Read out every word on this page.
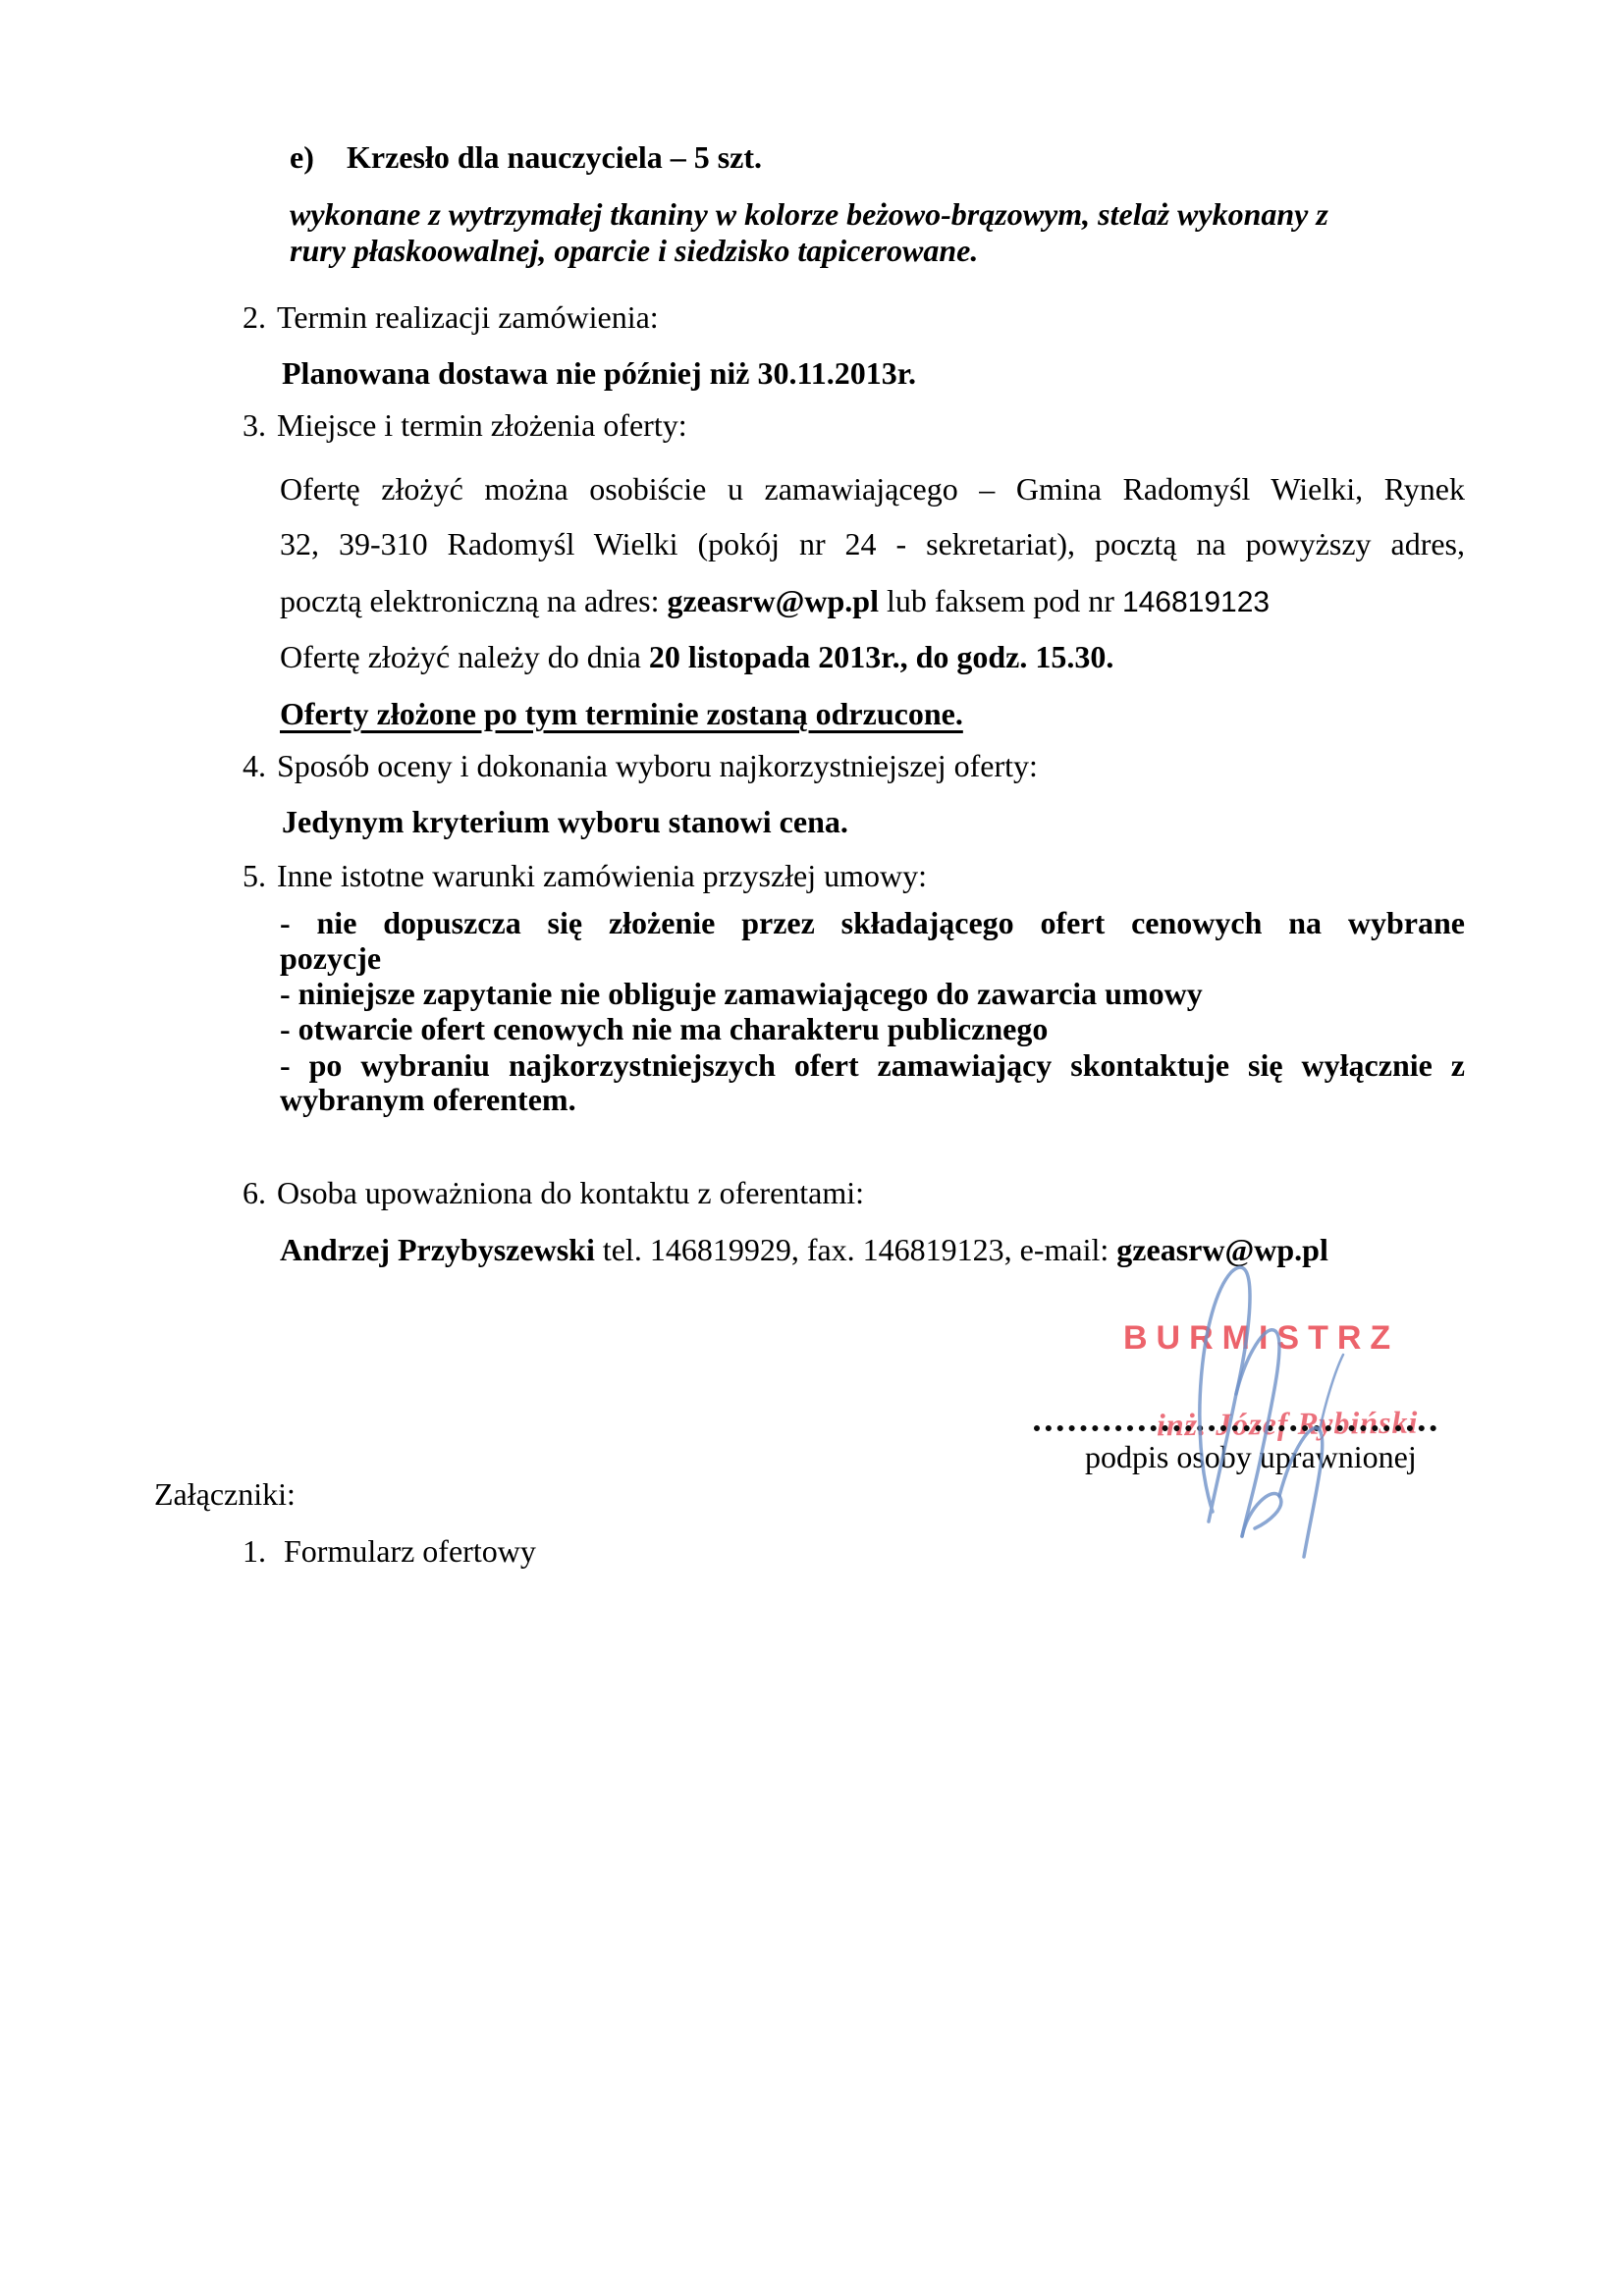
e) Krzesło dla nauczyciela – 5 szt.
wykonane z wytrzymałej tkaniny w kolorze beżowo-brązowym, stelaż wykonany z
rury płaskoowalnej, oparcie i siedzisko tapicerowane.
2. Termin realizacji zamówienia:
Planowana dostawa nie później niż 30.11.2013r.
3. Miejsce i termin złożenia oferty:
Ofertę złożyć można osobiście u zamawiającego – Gmina Radomyśl Wielki, Rynek
32, 39-310 Radomyśl Wielki (pokój nr 24 - sekretariat), pocztą na powyższy adres,
pocztą elektroniczną na adres: gzeasrw@wp.pl lub faksem pod nr 146819123
Ofertę złożyć należy do dnia 20 listopada 2013r., do godz. 15.30.
Oferty złożone po tym terminie zostaną odrzucone.
4. Sposób oceny i dokonania wyboru najkorzystniejszej oferty:
Jedynym kryterium wyboru stanowi cena.
5. Inne istotne warunki zamówienia przyszłej umowy:
- nie dopuszcza się złożenie przez składającego ofert cenowych na wybrane
pozycje
- niniejsze zapytanie nie obliguje zamawiającego do zawarcia umowy
- otwarcie ofert cenowych nie ma charakteru publicznego
- po wybraniu najkorzystniejszych ofert zamawiający skontaktuje się wyłącznie z
wybranym oferentem.
6. Osoba upoważniona do kontaktu z oferentami:
Andrzej Przybyszewski tel. 146819929, fax. 146819123, e-mail: gzeasrw@wp.pl
BURMISTRZ
inż. Józef Rybiński
podpis osoby uprawnionej
Załączniki:
1. Formularz ofertowy
